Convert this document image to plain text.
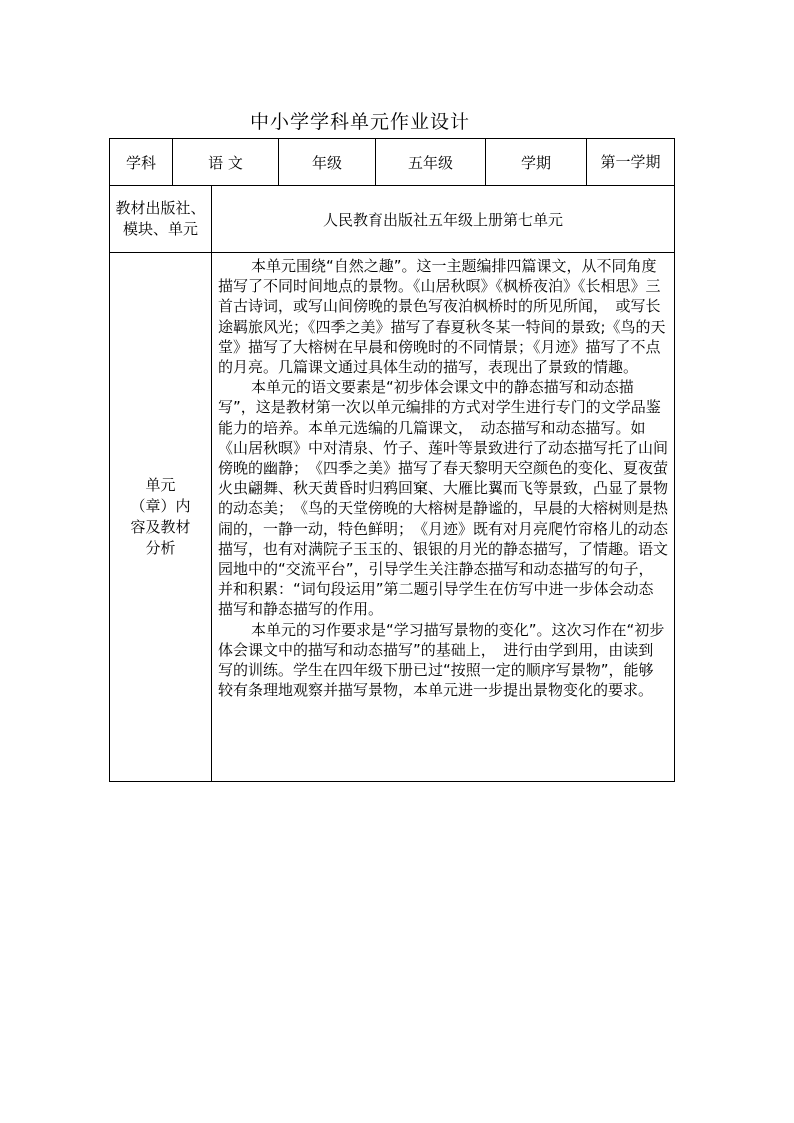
中小学学科单元作业设计
学科	语 文		年级	五年级	学期	第一学期
教材出版社、模块、单元		人民教育出版社五年级上册第七单元				

单元（章）内容及教材分析		本单元围绕“自然之趣”。这一主题编排四篇课文，从不同角度描写了不同时间地点的景物。《山居秋暝》《枫桥夜泊》《长相思》三首古诗词，或写山间傍晚的景色写夜泊枫桥时的所见所闻，　或写长途羁旅风光；《四季之美》描写了春夏秋冬某一特间的景致;《鸟的天堂》描写了大榕树在早晨和傍晚时的不同情景；《月迹》描写了不点的月亮。几篇课文通过具体生动的描写，表现出了景致的情趣。

本单元的语文要素是“初步体会课文中的静态描写和动态描写”，这是教材第一次以单元编排的方式对学生进行专门的文学品鉴能力的培养。本单元选编的几篇课文，　动态描写和动态描写。如《山居秋暝》中对清泉、竹子、莲叶等景致进行了动态描写托了山间傍晚的幽静；　《四季之美》描写了春天黎明天空颜色的变化、夏夜萤火虫翩舞、秋天黄昏时归鸦回窠、大雁比翼而飞等景致，凸显了景物的动态美；　《鸟的天堂傍晚的大榕树是静谧的，早晨的大榕树则是热闹的，一静一动，特色鲜明；　《月迹》既有对月亮爬竹帘格儿的动态描写，也有对满院子玉玉的、银银的月光的静态描写，了情趣。语文园地中的“交流平台”，引导学生关注静态描写和动态描写的句子，　并和积累：“词句段运用”第二题引导学生在仿写中进一步体会动态描写和静态描写的作用。

本单元的习作要求是“学习描写景物的变化”。这次习作在“初步体会课文中的描写和动态描写”的基础上，　进行由学到用，由读到写的训练。学生在四年级下册已过“按照一定的顺序写景物”，能够较有条理地观察并描写景物，本单元进一步提出景物变化的要求。				
